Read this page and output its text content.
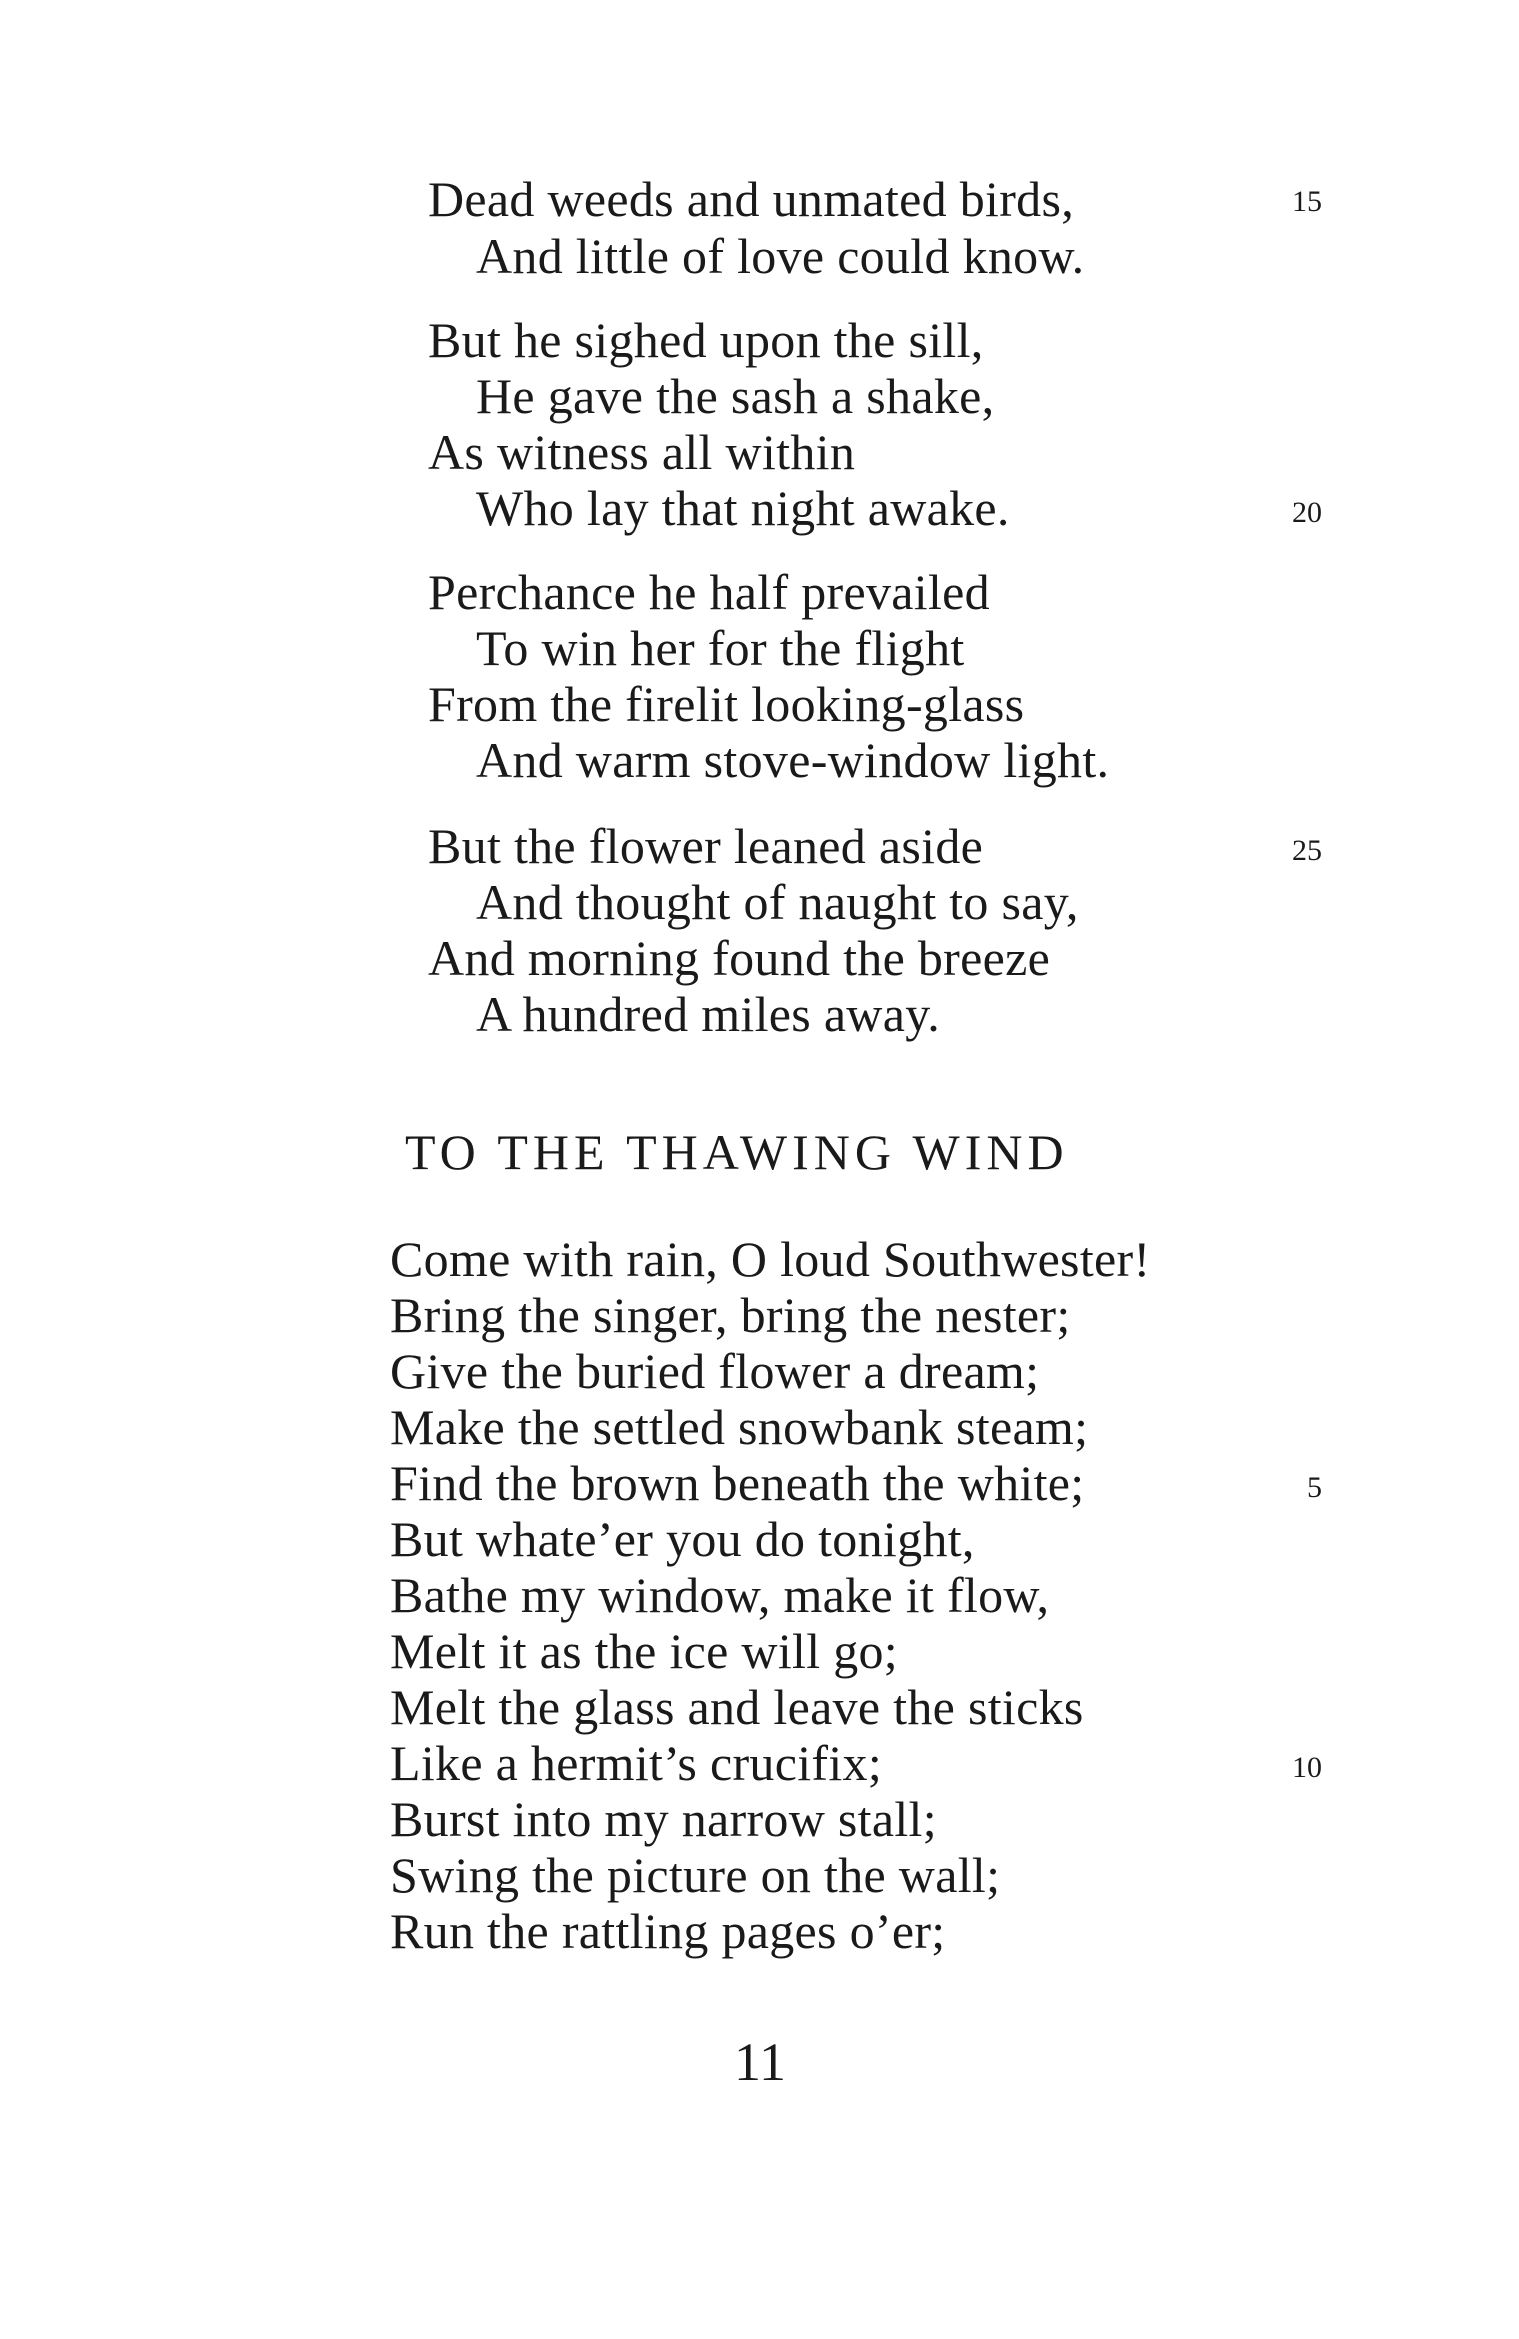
Dead weeds and unmated birds,	15
And little of love could know.
But he sighed upon the sill,
He gave the sash a shake,
As witness all within
Who lay that night awake.	20
Perchance he half prevailed
To win her for the flight
From the firelit looking-glass
And warm stove-window light.
But the flower leaned aside	25
And thought of naught to say,
And morning found the breeze
A hundred miles away.
TO THE THAWING WIND
Come with rain, O loud Southwester!
Bring the singer, bring the nester;
Give the buried flower a dream;
Make the settled snowbank steam;
Find the brown beneath the white;	5
But whate’er you do tonight,
Bathe my window, make it flow,
Melt it as the ice will go;
Melt the glass and leave the sticks
Like a hermit’s crucifix;	10
Burst into my narrow stall;
Swing the picture on the wall;
Run the rattling pages o’er;
11
